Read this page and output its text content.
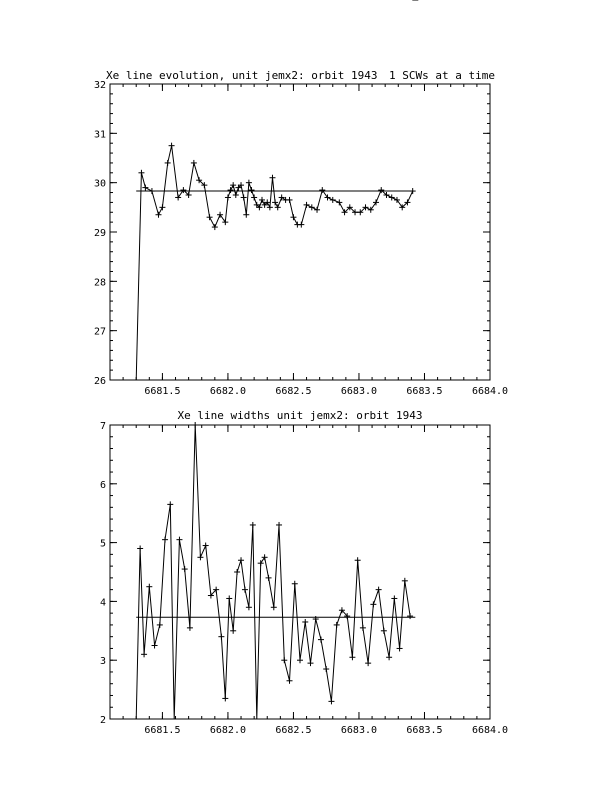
Xe line evolution, unit jemx2: orbit 1943 1 SCWs at a time
6681.5	6682.0	6682.5	6683.0	6683.5	6684.0
26
27
28
29
30
31
32
Xe line widths unit jemx2: orbit 1943
6681.5	6682.0	6682.5	6683.0	6683.5	6684.0
2
3
4
5
6
7
